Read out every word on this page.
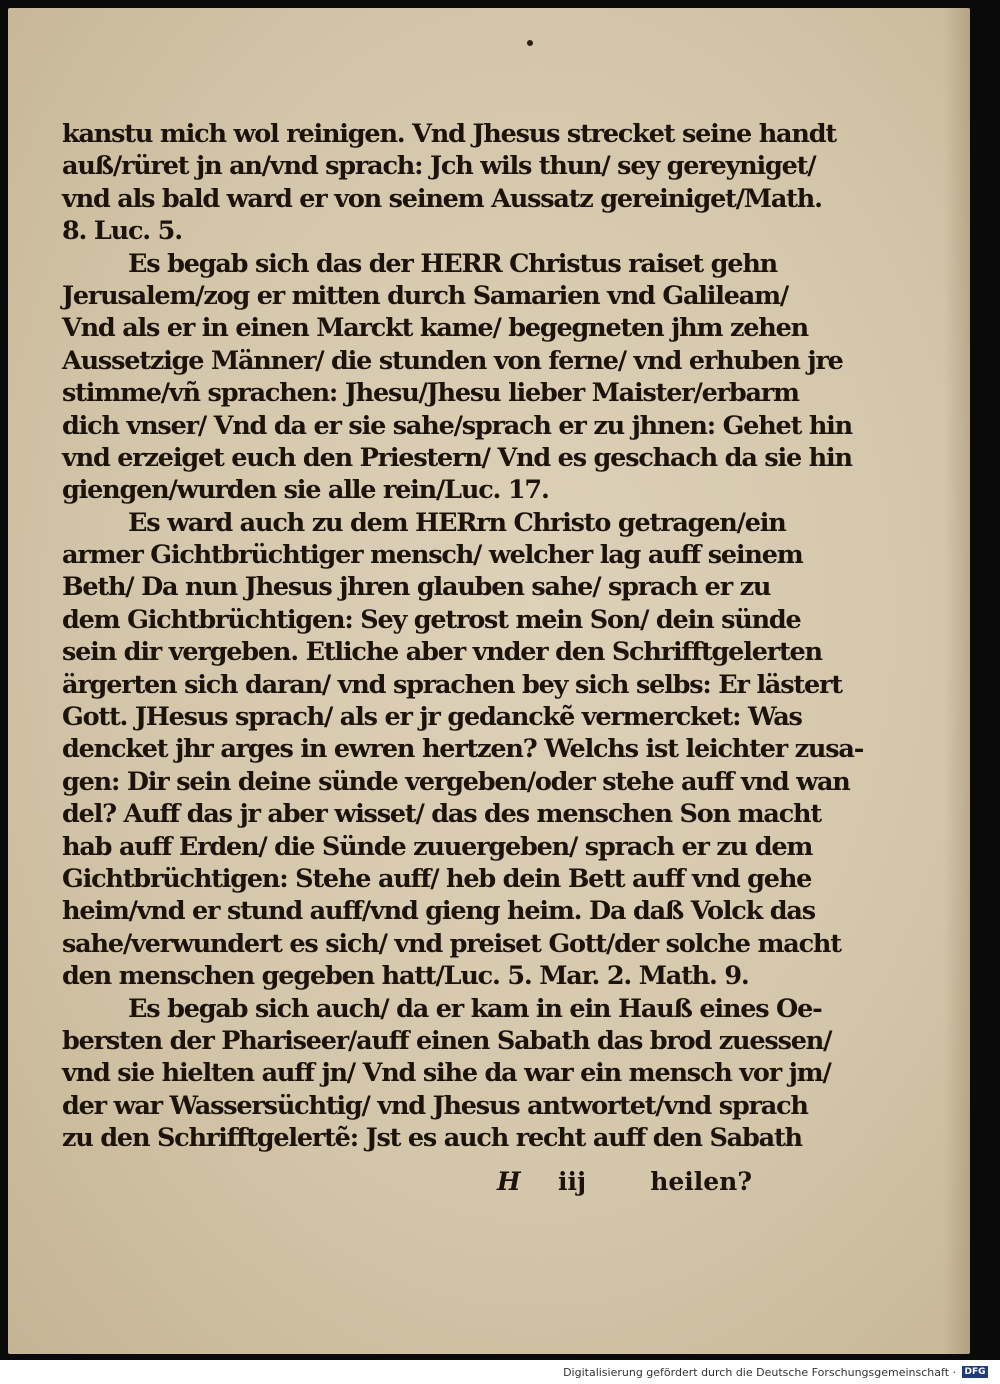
kanstu mich wol reinigen. Vnd Jhesus strecket seine handt
auß/rüret jn an/vnd sprach: Jch wils thun/ sey gereyniget/
vnd als bald ward er von seinem Aussatz gereiniget/Math.
8. Luc. 5.
Es begab sich das der HERR Christus raiset gehn
Jerusalem/zog er mitten durch Samarien vnd Galileam/
Vnd als er in einen Marckt kame/ begegneten jhm zehen
Aussetzige Männer/ die stunden von ferne/ vnd erhuben jre
stimme/vñ sprachen: Jhesu/Jhesu lieber Maister/erbarm
dich vnser/ Vnd da er sie sahe/sprach er zu jhnen: Gehet hin
vnd erzeiget euch den Priestern/ Vnd es geschach da sie hin
giengen/wurden sie alle rein/Luc. 17.
Es ward auch zu dem HERrn Christo getragen/ein
armer Gichtbrüchtiger mensch/ welcher lag auff seinem
Beth/ Da nun Jhesus jhren glauben sahe/ sprach er zu
dem Gichtbrüchtigen: Sey getrost mein Son/ dein sünde
sein dir vergeben. Etliche aber vnder den Schrifftgelerten
ärgerten sich daran/ vnd sprachen bey sich selbs: Er lästert
Gott. JHesus sprach/ als er jr gedanckẽ vermercket: Was
dencket jhr arges in ewren hertzen? Welchs ist leichter zusa-
gen: Dir sein deine sünde vergeben/oder stehe auff vnd wan
del? Auff das jr aber wisset/ das des menschen Son macht
hab auff Erden/ die Sünde zuuergeben/ sprach er zu dem
Gichtbrüchtigen: Stehe auff/ heb dein Bett auff vnd gehe
heim/vnd er stund auff/vnd gieng heim. Da daß Volck das
sahe/verwundert es sich/ vnd preiset Gott/der solche macht
den menschen gegeben hatt/Luc. 5. Mar. 2. Math. 9.
Es begab sich auch/ da er kam in ein Hauß eines Oe-
bersten der Phariseer/auff einen Sabath das brod zuessen/
vnd sie hielten auff jn/ Vnd sihe da war ein mensch vor jm/
der war Wassersüchtig/ vnd Jhesus antwortet/vnd sprach
zu den Schrifftgelertẽ: Jst es auch recht auff den Sabath
H iij	heilen?
Digitalisierung gefördert durch die Deutsche Forschungsgemeinschaft · DFG
